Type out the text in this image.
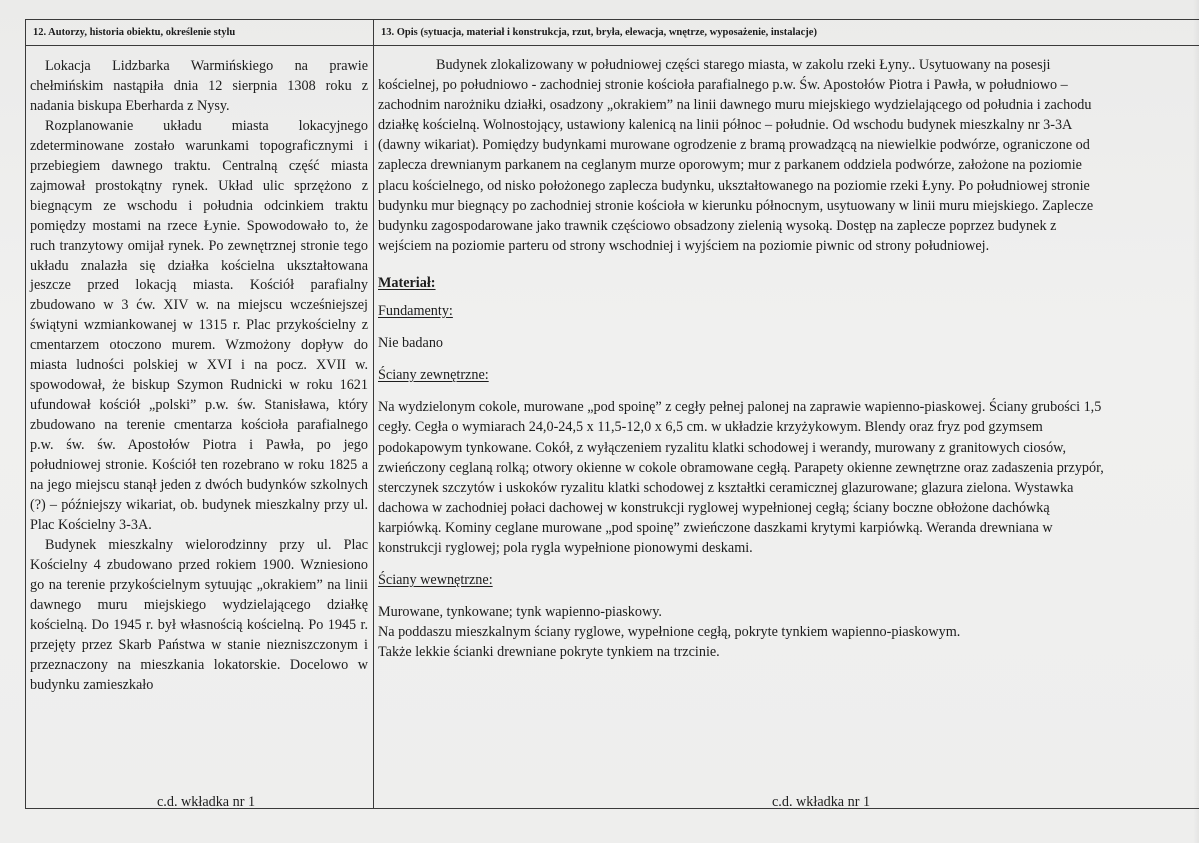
12. Autorzy, historia obiektu, określenie stylu	13. Opis (sytuacja, materiał i konstrukcja, rzut, bryła, elewacja, wnętrze, wyposażenie, instalacje)

Lokacja Lidzbarka Warmińskiego na prawie chełmińskim nastąpiła dnia 12 sierpnia 1308 roku z nadania biskupa Eberharda z Nysy.

Rozplanowanie układu miasta lokacyjnego zdeterminowane zostało warunkami topograficznymi i przebiegiem dawnego traktu. Centralną część miasta zajmował prostokątny rynek. Układ ulic sprzężono z biegnącym ze wschodu i południa odcinkiem traktu pomiędzy mostami na rzece Łynie. Spowodowało to, że ruch tranzytowy omijał rynek. Po zewnętrznej stronie tego układu znalazła się działka kościelna ukształtowana jeszcze przed lokacją miasta. Kościół parafialny zbudowano w 3 ćw. XIV w. na miejscu wcześniejszej świątyni wzmiankowanej w 1315 r. Plac przykościelny z cmentarzem otoczono murem. Wzmożony dopływ do miasta ludności polskiej w XVI i na pocz. XVII w. spowodował, że biskup Szymon Rudnicki w roku 1621 ufundował kościół „polski” p.w. św. Stanisława, który zbudowano na terenie cmentarza kościoła parafialnego p.w. św. św. Apostołów Piotra i Pawła, po jego południowej stronie. Kościół ten rozebrano w roku 1825 a na jego miejscu stanął jeden z dwóch budynków szkolnych (?) – późniejszy wikariat, ob. budynek mieszkalny przy ul. Plac Kościelny 3-3A.

Budynek mieszkalny wielorodzinny przy ul. Plac Kościelny 4 zbudowano przed rokiem 1900. Wzniesiono go na terenie przykościelnym sytuując „okrakiem” na linii dawnego muru miejskiego wydzielającego działkę kościelną. Do 1945 r. był własnością kościelną. Po 1945 r. przejęty przez Skarb Państwa w stanie niezniszczonym i przeznaczony na mieszkania lokatorskie. Docelowo w budynku zamieszkało

Budynek zlokalizowany w południowej części starego miasta, w zakolu rzeki Łyny.. Usytuowany na posesji kościelnej, po południowo - zachodniej stronie kościoła parafialnego p.w. Św. Apostołów Piotra i Pawła, w południowo – zachodnim narożniku działki, osadzony „okrakiem” na linii dawnego muru miejskiego wydzielającego od południa i zachodu działkę kościelną. Wolnostojący, ustawiony kalenicą na linii północ – południe. Od wschodu budynek mieszkalny nr 3-3A (dawny wikariat). Pomiędzy budynkami murowane ogrodzenie z bramą prowadzącą na niewielkie podwórze, ograniczone od zaplecza drewnianym parkanem na ceglanym murze oporowym; mur z parkanem oddziela podwórze, założone na poziomie placu kościelnego, od nisko położonego zaplecza budynku, ukształtowanego na poziomie rzeki Łyny. Po południowej stronie budynku mur biegnący po zachodniej stronie kościoła w kierunku północnym, usytuowany w linii muru miejskiego. Zaplecze budynku zagospodarowane jako trawnik częściowo obsadzony zielenią wysoką. Dostęp na zaplecze poprzez budynek z wejściem na poziomie parteru od strony wschodniej i wyjściem na poziomie piwnic od strony południowej.

Materiał:

Fundamenty:

Nie badano

Ściany zewnętrzne:

Na wydzielonym cokole, murowane „pod spoinę” z cegły pełnej palonej na zaprawie wapienno-piaskowej. Ściany grubości 1,5 cegły. Cegła o wymiarach 24,0-24,5 x 11,5-12,0 x 6,5 cm. w układzie krzyżykowym. Blendy oraz fryz pod gzymsem podokapowym tynkowane. Cokół, z wyłączeniem ryzalitu klatki schodowej i werandy, murowany z granitowych ciosów, zwieńczony ceglaną rolką; otwory okienne w cokole obramowane cegłą. Parapety okienne zewnętrzne oraz zadaszenia przypór, sterczynek szczytów i uskoków ryzalitu klatki schodowej z kształtki ceramicznej glazurowane; glazura zielona. Wystawka dachowa w zachodniej połaci dachowej w konstrukcji ryglowej wypełnionej cegłą; ściany boczne obłożone dachówką karpiówką. Kominy ceglane murowane „pod spoinę” zwieńczone daszkami krytymi karpiówką. Weranda drewniana w konstrukcji ryglowej; pola rygla wypełnione pionowymi deskami.

Ściany wewnętrzne:

Murowane, tynkowane; tynk wapienno-piaskowy.

Na poddaszu mieszkalnym ściany ryglowe, wypełnione cegłą, pokryte tynkiem wapienno-piaskowym.

Także lekkie ścianki drewniane pokryte tynkiem na trzcinie.

c.d. wkładka nr 1	c.d. wkładka nr 1
